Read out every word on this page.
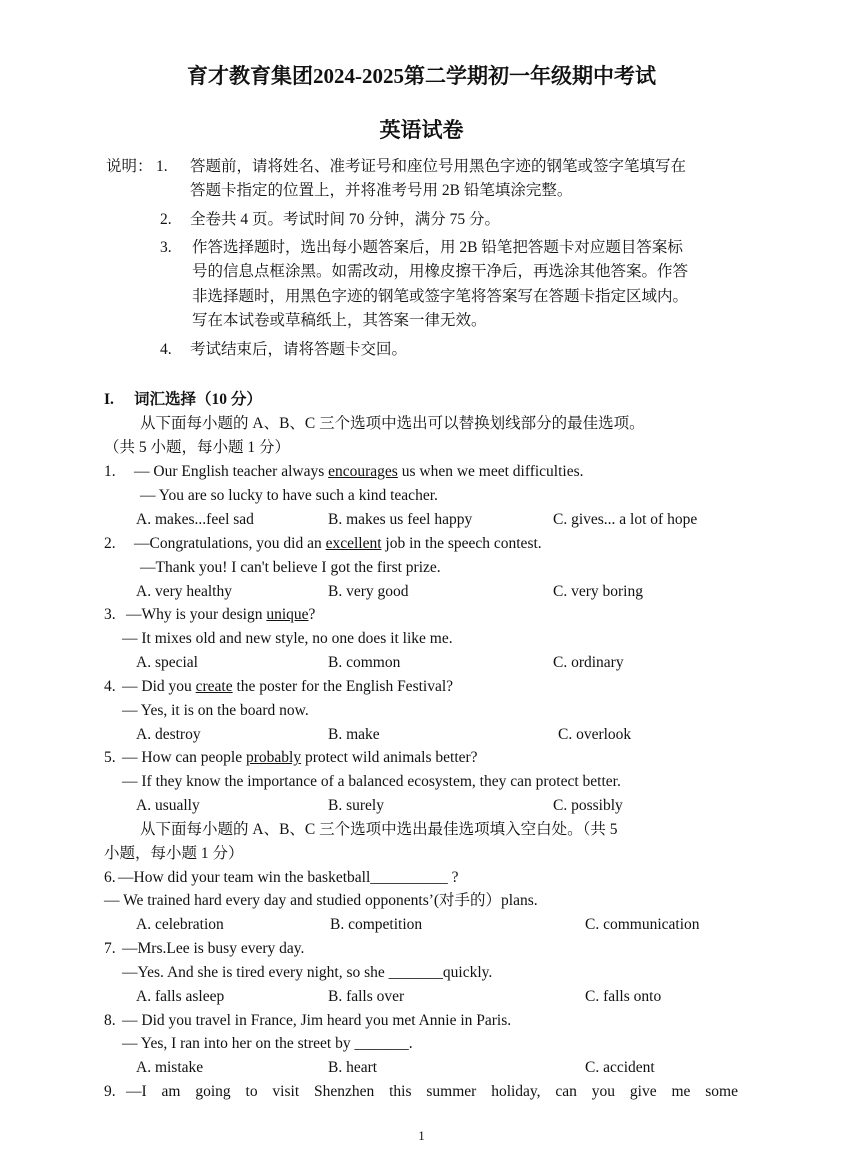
育才教育集团2024-2025第二学期初一年级期中考试
英语试卷
说明： 1. 答题前，请将姓名、准考证号和座位号用黑色字迹的钢笔或签字笔填写在
答题卡指定的位置上，并将准考号用 2B 铅笔填涂完整。
2. 全卷共 4 页。考试时间 70 分钟，满分 75 分。
3. 作答选择题时，选出每小题答案后，用 2B 铅笔把答题卡对应题目答案标
号的信息点框涂黑。如需改动，用橡皮擦干净后，再选涂其他答案。作答
非选择题时，用黑色字迹的钢笔或签字笔将答案写在答题卡指定区域内。
写在本试卷或草稿纸上，其答案一律无效。
4. 考试结束后，请将答题卡交回。
I. 词汇选择（10 分）
从下面每小题的 A、B、C 三个选项中选出可以替换划线部分的最佳选项。
（共 5 小题，每小题 1 分）
1. — Our English teacher always encourages us when we meet difficulties.
— You are so lucky to have such a kind teacher.
A. makes...feel sad	B. makes us feel happy	C. gives... a lot of hope
2. —Congratulations, you did an excellent job in the speech contest.
—Thank you! I can't believe I got the first prize.
A. very healthy	B. very good	C. very boring
3. —Why is your design unique?
— It mixes old and new style, no one does it like me.
A. special	B. common	C. ordinary
4. — Did you create the poster for the English Festival?
— Yes, it is on the board now.
A. destroy	B. make	C. overlook
5. — How can people probably protect wild animals better?
— If they know the importance of a balanced ecosystem, they can protect better.
A. usually	B. surely	C. possibly
从下面每小题的 A、B、C 三个选项中选出最佳选项填入空白处。（共 5
小题，每小题 1 分）
6. —How did your team win the basketball__________ ?
— We trained hard every day and studied opponents’(对手的）plans.
A. celebration	B. competition	C. communication
7. —Mrs.Lee is busy every day.
—Yes. And she is tired every night, so she _______quickly.
A. falls asleep	B. falls over	C. falls onto
8. — Did you travel in France, Jim heard you met Annie in Paris.
— Yes, I ran into her on the street by _______.
A. mistake	B. heart	C. accident
9. —I am going to visit Shenzhen this summer holiday, can you give me some
1
